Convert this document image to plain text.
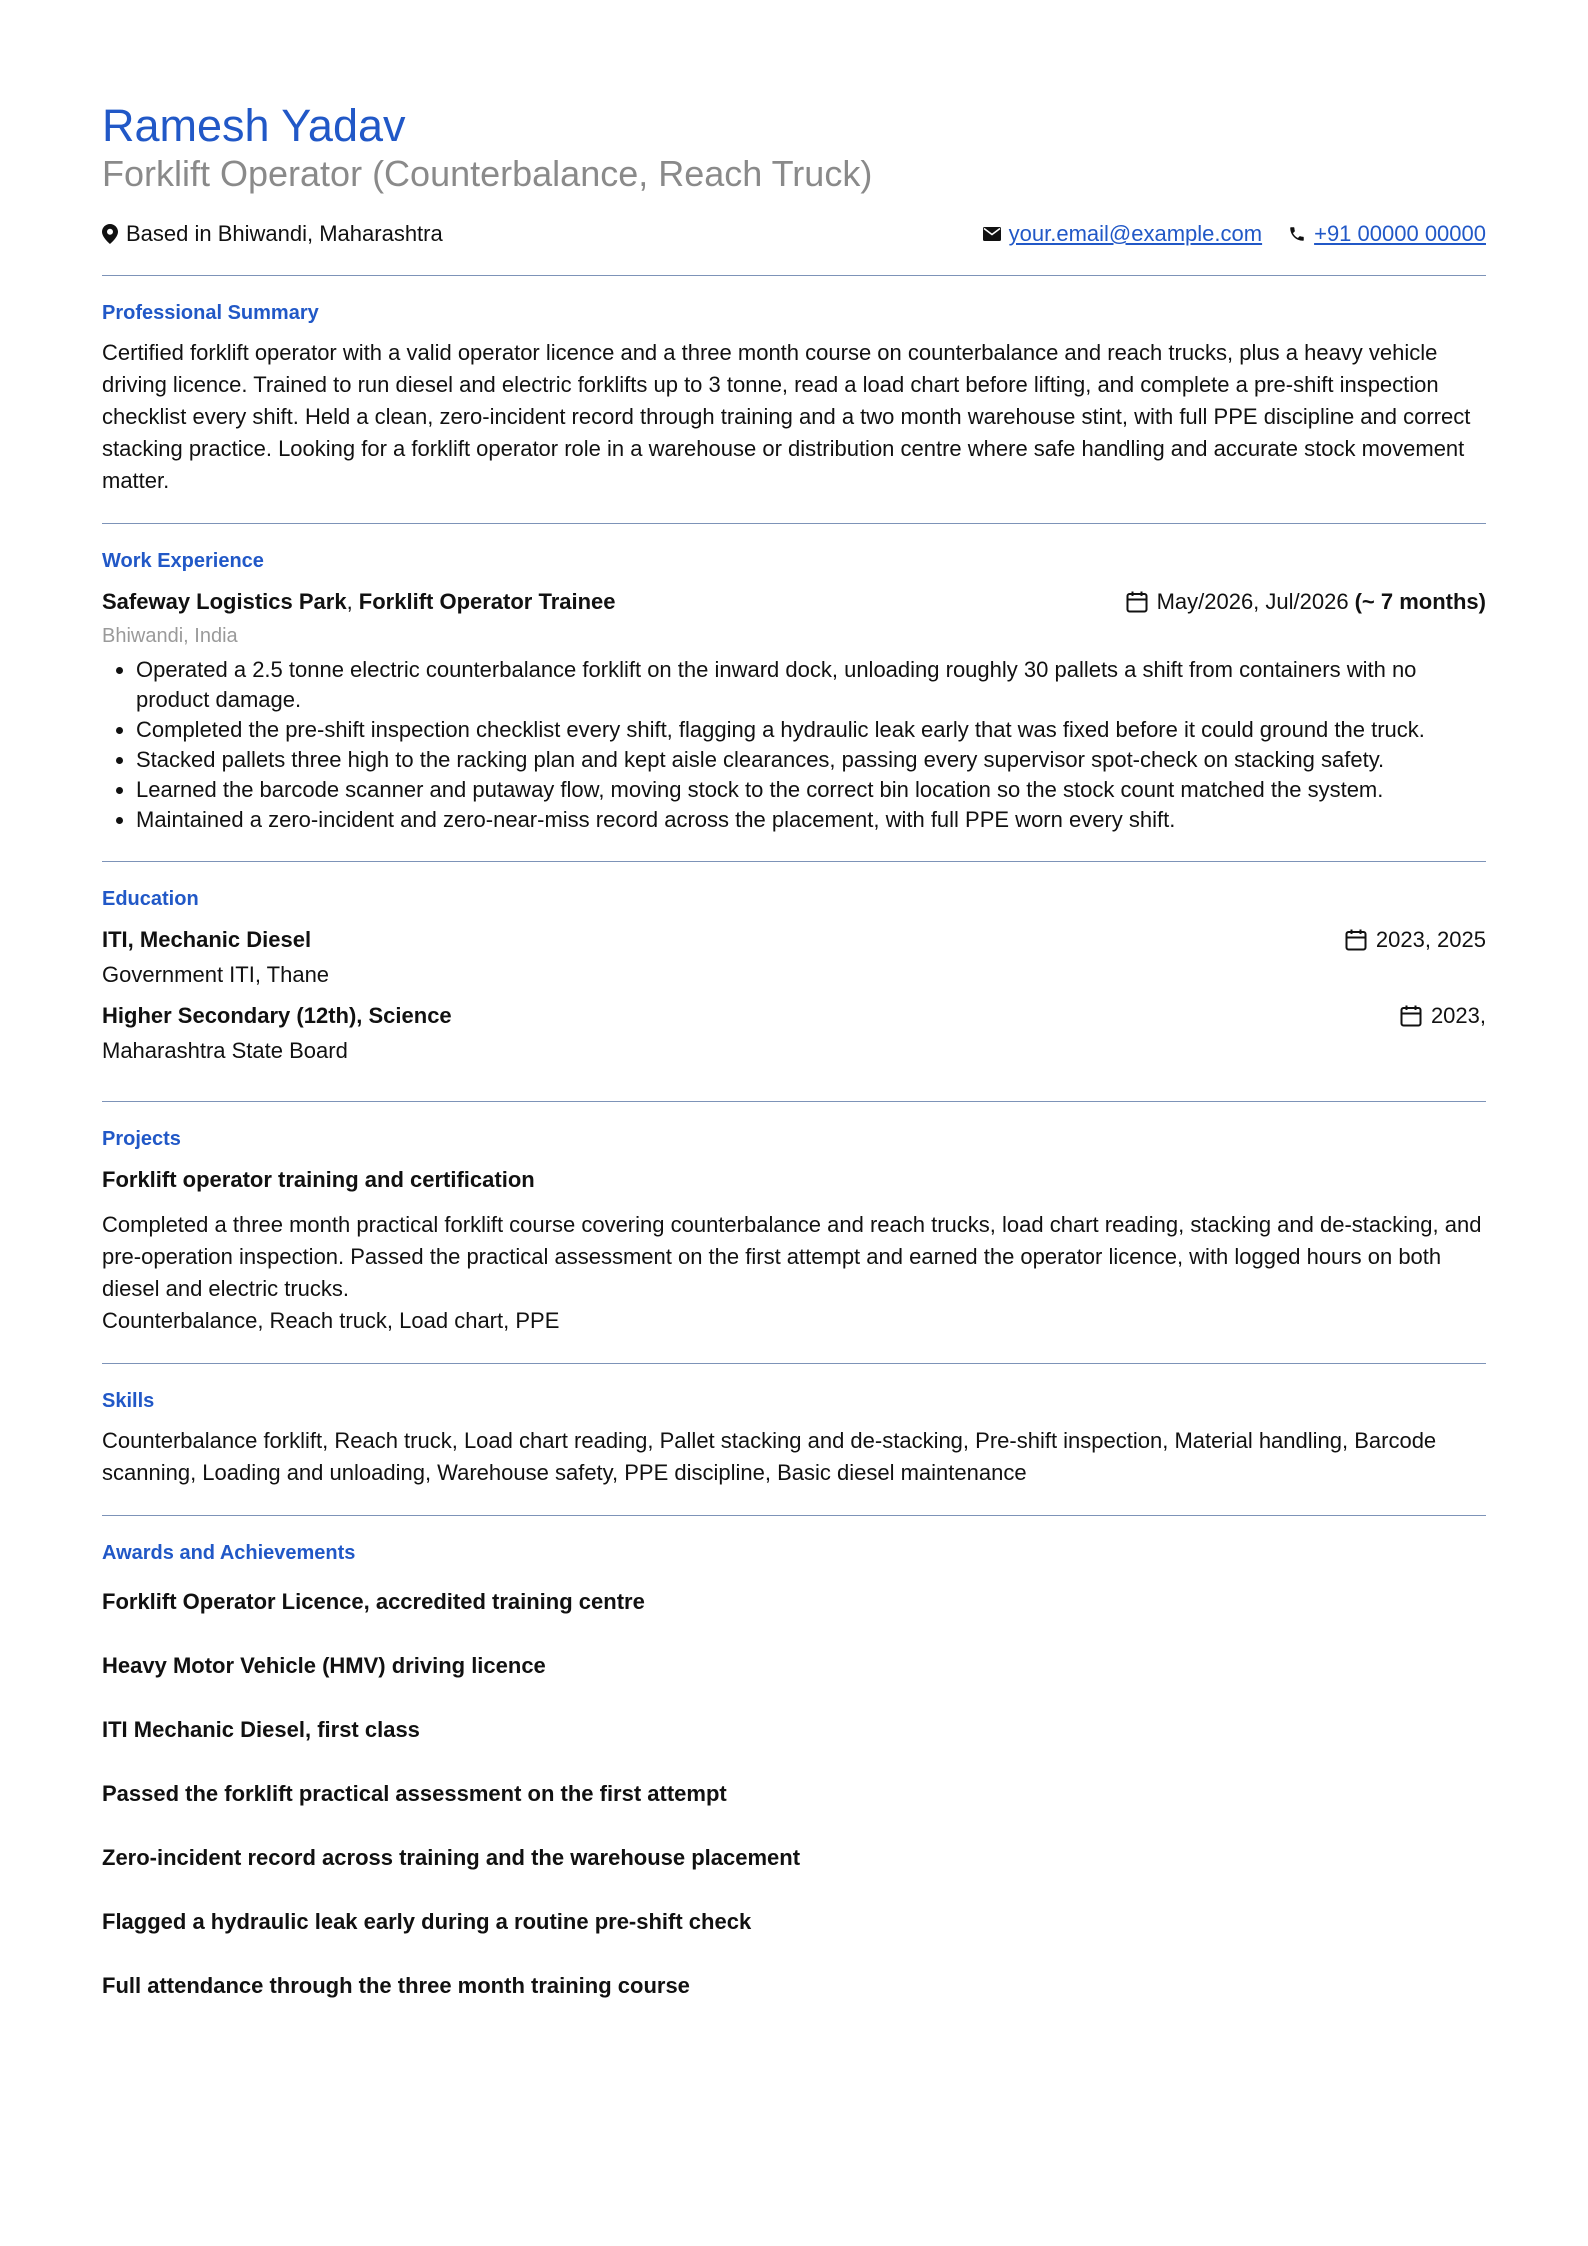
Ramesh Yadav
Forklift Operator (Counterbalance, Reach Truck)
Based in Bhiwandi, Maharashtra	your.email@example.com +91 00000 00000
Professional Summary

Certified forklift operator with a valid operator licence and a three month course on counterbalance and reach trucks, plus a heavy vehicle driving licence. Trained to run diesel and electric forklifts up to 3 tonne, read a load chart before lifting, and complete a pre-shift inspection checklist every shift. Held a clean, zero-incident record through training and a two month warehouse stint, with full PPE discipline and correct stacking practice. Looking for a forklift operator role in a warehouse or distribution centre where safe handling and accurate stock movement matter.

Work Experience
Safeway Logistics Park, Forklift Operator Trainee	May/2026, Jul/2026 (~ 7 months)
Bhiwandi, India
• Operated a 2.5 tonne electric counterbalance forklift on the inward dock, unloading roughly 30 pallets a shift from containers with no product damage.
• Completed the pre-shift inspection checklist every shift, flagging a hydraulic leak early that was fixed before it could ground the truck.
• Stacked pallets three high to the racking plan and kept aisle clearances, passing every supervisor spot-check on stacking safety.
• Learned the barcode scanner and putaway flow, moving stock to the correct bin location so the stock count matched the system.
• Maintained a zero-incident and zero-near-miss record across the placement, with full PPE worn every shift.
Education
ITI, Mechanic Diesel	2023, 2025
Government ITI, Thane
Higher Secondary (12th), Science	2023,
Maharashtra State Board
Projects
Forklift operator training and certification

Completed a three month practical forklift course covering counterbalance and reach trucks, load chart reading, stacking and de-stacking, and pre-operation inspection. Passed the practical assessment on the first attempt and earned the operator licence, with logged hours on both diesel and electric trucks.

Counterbalance, Reach truck, Load chart, PPE

Skills

Counterbalance forklift, Reach truck, Load chart reading, Pallet stacking and de-stacking, Pre-shift inspection, Material handling, Barcode scanning, Loading and unloading, Warehouse safety, PPE discipline, Basic diesel maintenance

Awards and Achievements
Forklift Operator Licence, accredited training centre
Heavy Motor Vehicle (HMV) driving licence
ITI Mechanic Diesel, first class
Passed the forklift practical assessment on the first attempt
Zero-incident record across training and the warehouse placement
Flagged a hydraulic leak early during a routine pre-shift check
Full attendance through the three month training course
